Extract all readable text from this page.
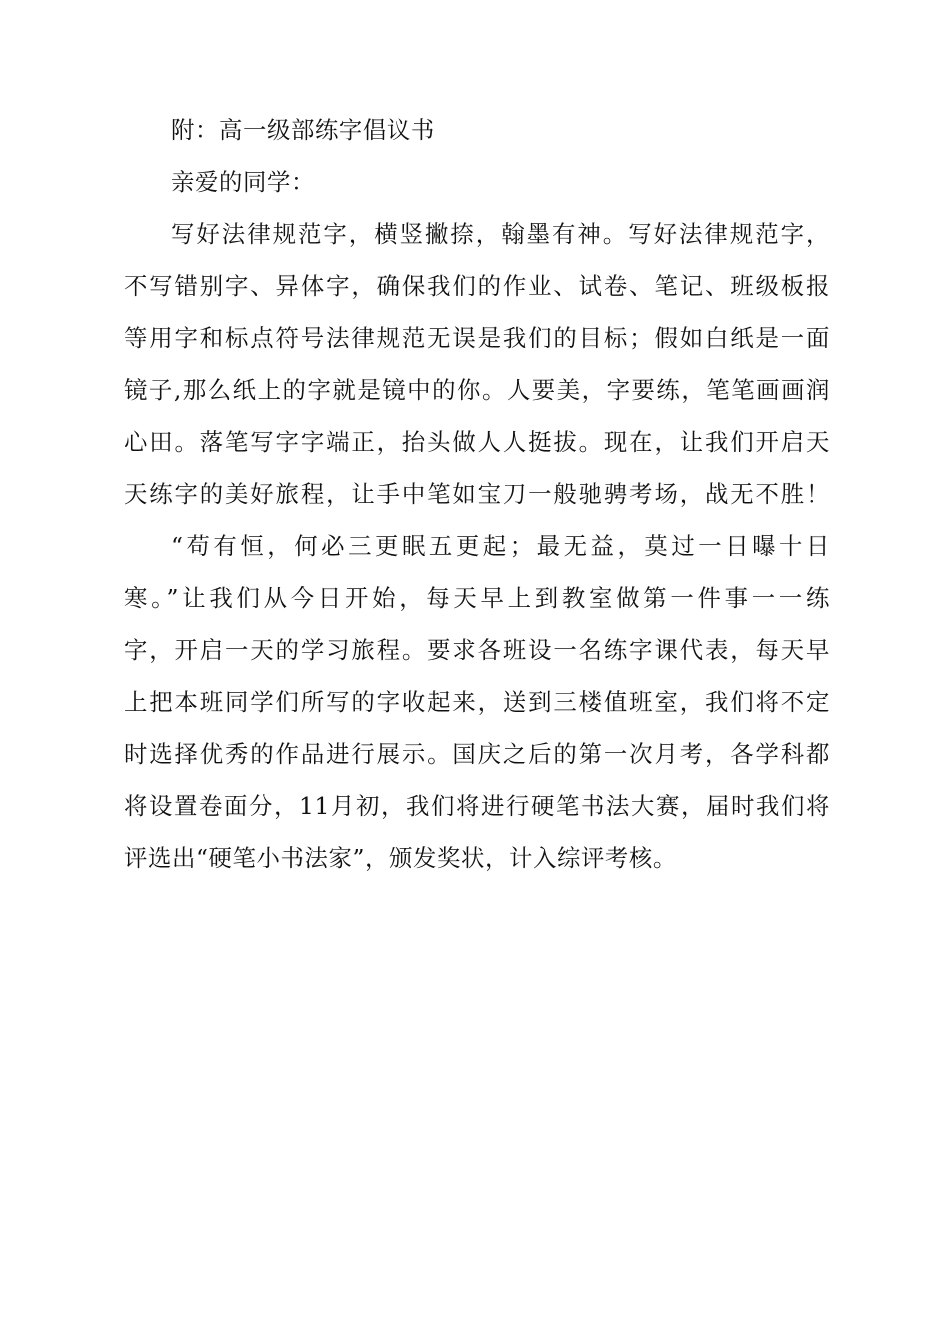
附：高一级部练字倡议书
亲爱的同学：
写好法律规范字，横竖撇捺，翰墨有神。写好法律规范字，
不写错别字、异体字，确保我们的作业、试卷、笔记、班级板报
等用字和标点符号法律规范无误是我们的目标；假如白纸是一面
镜子,那么纸上的字就是镜中的你。人要美，字要练，笔笔画画润
心田。落笔写字字端正，抬头做人人挺拔。现在，让我们开启天
天练字的美好旅程，让手中笔如宝刀一般驰骋考场，战无不胜！
“苟有恒，何必三更眠五更起；最无益，莫过一日曝十日
寒。”让我们从今日开始，每天早上到教室做第一件事一一练
字，开启一天的学习旅程。要求各班设一名练字课代表，每天早
上把本班同学们所写的字收起来，送到三楼值班室，我们将不定
时选择优秀的作品进行展示。国庆之后的第一次月考，各学科都
将设置卷面分，11月初，我们将进行硬笔书法大赛，届时我们将
评选出“硬笔小书法家”，颁发奖状，计入综评考核。
